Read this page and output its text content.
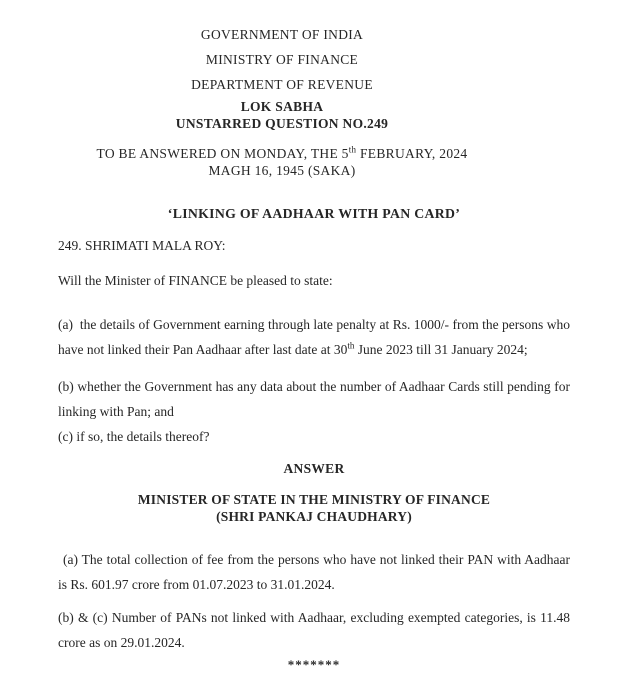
GOVERNMENT OF INDIA

MINISTRY OF FINANCE

DEPARTMENT OF REVENUE

LOK SABHA

UNSTARRED QUESTION NO.249

TO BE ANSWERED ON MONDAY, THE 5th FEBRUARY, 2024

MAGH 16, 1945 (SAKA)

‘LINKING OF AADHAAR WITH PAN CARD’

249. SHRIMATI MALA ROY:

Will the Minister of FINANCE be pleased to state:

(a)  the details of Government earning through late penalty at Rs. 1000/- from the persons who have not linked their Pan Aadhaar after last date at 30th June 2023 till 31 January 2024;

(b) whether the Government has any data about the number of Aadhaar Cards still pending for linking with Pan; and

(c) if so, the details thereof?

ANSWER

MINISTER OF STATE IN THE MINISTRY OF FINANCE
(SHRI PANKAJ CHAUDHARY)

(a) The total collection of fee from the persons who have not linked their PAN with Aadhaar is Rs. 601.97 crore from 01.07.2023 to 31.01.2024.

(b) & (c) Number of PANs not linked with Aadhaar, excluding exempted categories, is 11.48 crore as on 29.01.2024.

*******
